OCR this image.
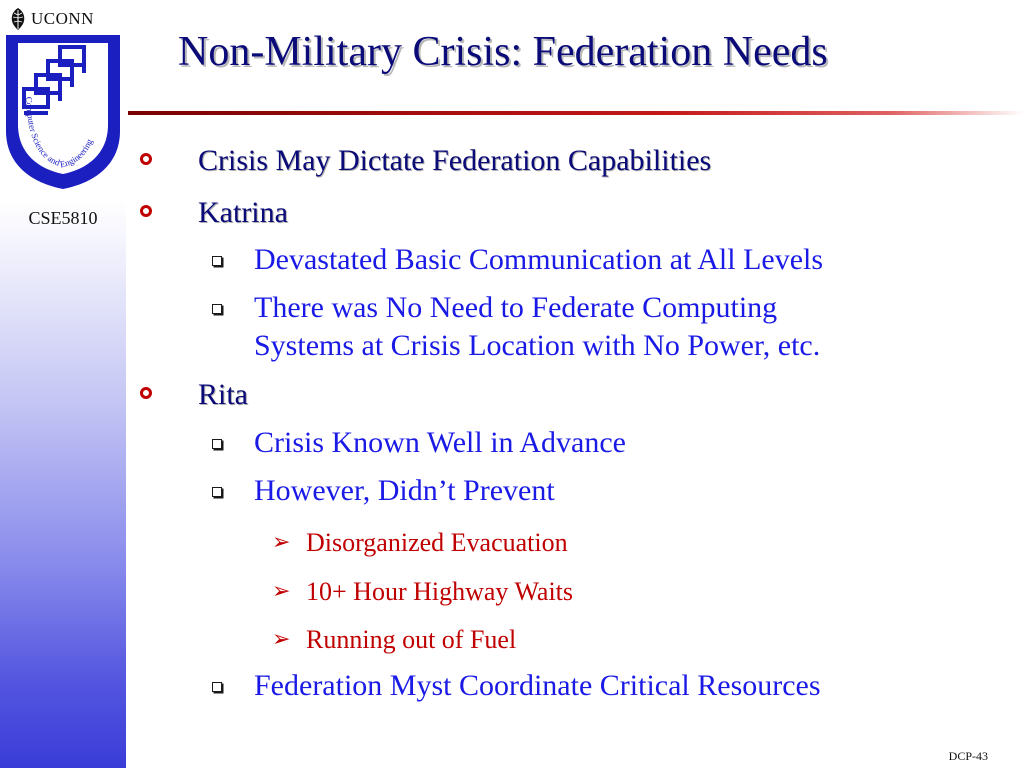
UCONN
Computer Science and Engineering
CSE5810
Non-Military Crisis: Federation Needs
Crisis May Dictate Federation Capabilities
Katrina
Devastated Basic Communication at All Levels
There was No Need to Federate Computing
Systems at Crisis Location with No Power, etc.
Rita
Crisis Known Well in Advance
However, Didn’t Prevent
➢ Disorganized Evacuation
➢ 10+ Hour Highway Waits
➢ Running out of Fuel
Federation Myst Coordinate Critical Resources
DCP-43
